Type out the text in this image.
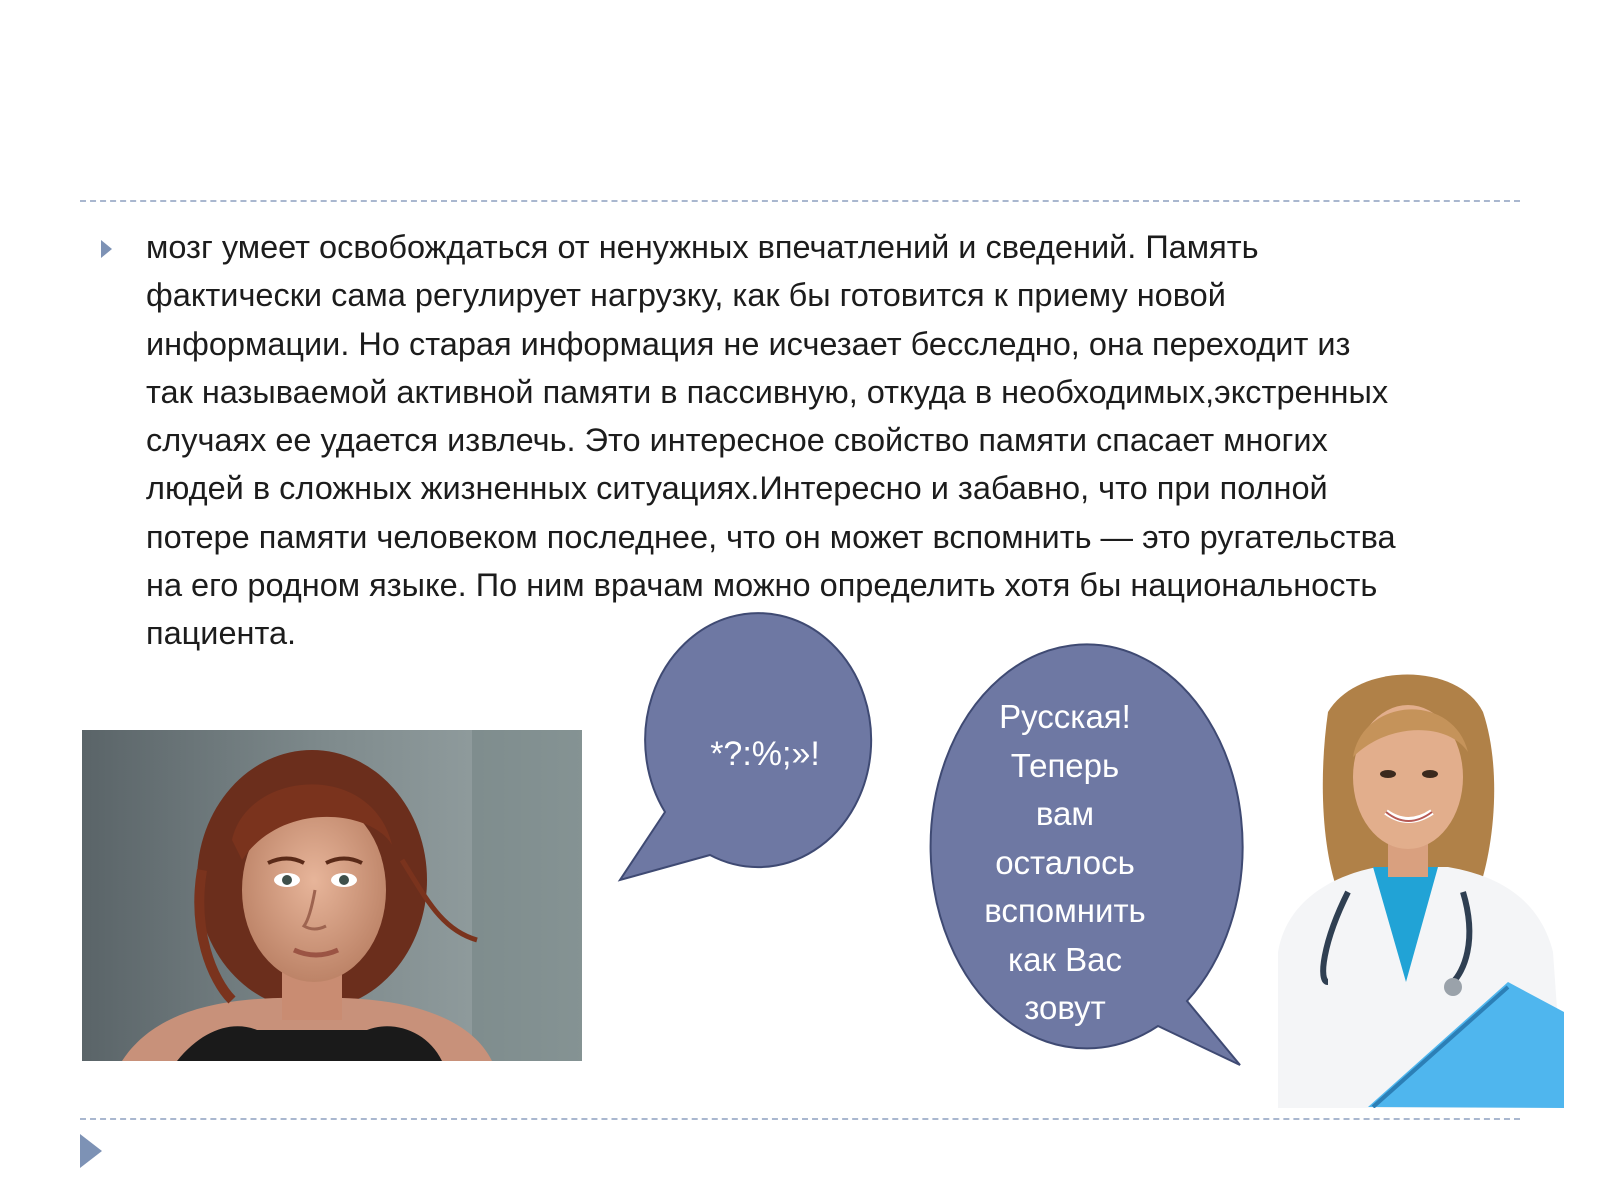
мозг умеет освобождаться от ненужных впечатлений и сведений. Память
фактически сама регулирует нагрузку, как бы готовится к приему новой
информации. Но старая информация не исчезает бесследно, она переходит из
так называемой активной памяти в пассивную, откуда в необходимых,экстренных
случаях ее удается извлечь. Это интересное свойство памяти спасает многих
людей в сложных жизненных ситуациях.Интересно и забавно, что при полной
потере памяти человеком последнее, что он может вспомнить — это ругательства
на его родном языке. По ним врачам можно определить хотя бы национальность
пациента.

*?:%;»!

Русская!
Теперь
вам
осталось
вспомнить
как Вас
зовут
